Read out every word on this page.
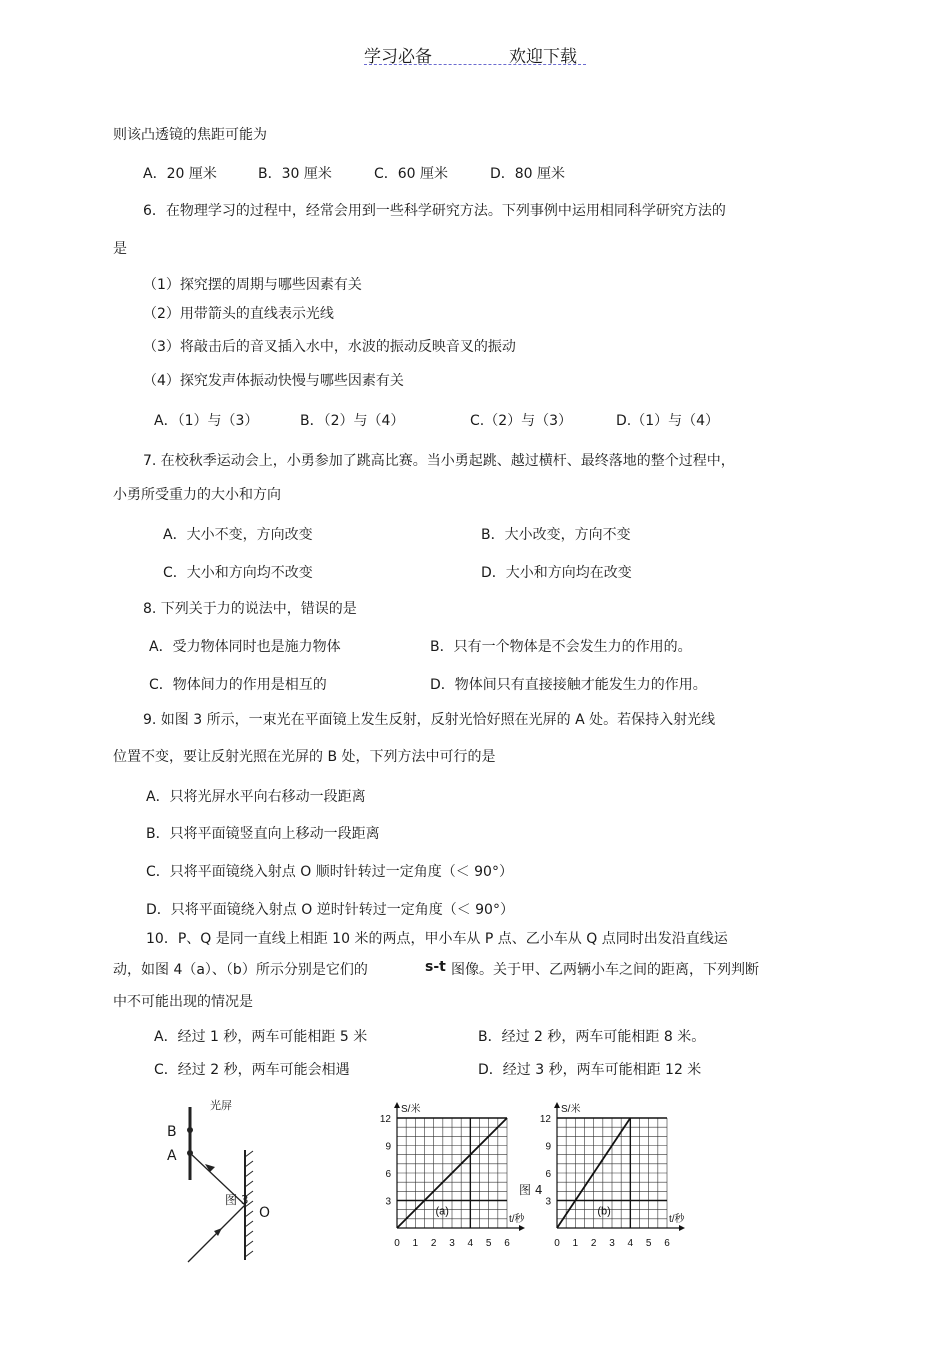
学习必备	欢迎下载
则该凸透镜的焦距可能为
A．20 厘米	B．30 厘米	C．60 厘米	D．80 厘米
6．在物理学习的过程中，经常会用到一些科学研究方法。下列事例中运用相同科学研究方法的
是
（1）探究摆的周期与哪些因素有关
（2）用带箭头的直线表示光线
（3）将敲击后的音叉插入水中，水波的振动反映音叉的振动
（4）探究发声体振动快慢与哪些因素有关
A．（1）与（3）	B．（2）与（4）	C.（2）与（3）	D.（1）与（4）
7. 在校秋季运动会上，小勇参加了跳高比赛。当小勇起跳、越过横杆、最终落地的整个过程中，
小勇所受重力的大小和方向
A．大小不变，方向改变	B．大小改变，方向不变
C．大小和方向均不改变	D．大小和方向均在改变
8. 下列关于力的说法中，错误的是
A．受力物体同时也是施力物体	B．只有一个物体是不会发生力的作用的。
C．物体间力的作用是相互的	D．物体间只有直接接触才能发生力的作用。
9. 如图 3 所示，一束光在平面镜上发生反射，反射光恰好照在光屏的 A 处。若保持入射光线
位置不变，要让反射光照在光屏的 B 处，下列方法中可行的是
A．只将光屏水平向右移动一段距离
B．只将平面镜竖直向上移动一段距离
C．只将平面镜绕入射点 O 顺时针转过一定角度（＜ 90°）
D．只将平面镜绕入射点 O 逆时针转过一定角度（＜ 90°）
10．P、Q 是同一直线上相距 10 米的两点，甲小车从 P 点、乙小车从 Q 点同时出发沿直线运
动，如图 4（a）、（b）所示分别是它们的	s-t 图像。关于甲、乙两辆小车之间的距离，下列判断
中不可能出现的情况是
A．经过 1 秒，两车可能相距 5 米	B．经过 2 秒，两车可能相距 8 米。
C．经过 2 秒，两车可能会相遇	D．经过 3 秒，两车可能相距 12 米
光屏
B
A
图 3
O
0 1 2 3 4 5 6
3
6
9
12
S/米
t/秒
(a)
0 1 2 3 4 5 6
3
6
9
12
S/米
t/秒
(b)
图 4
